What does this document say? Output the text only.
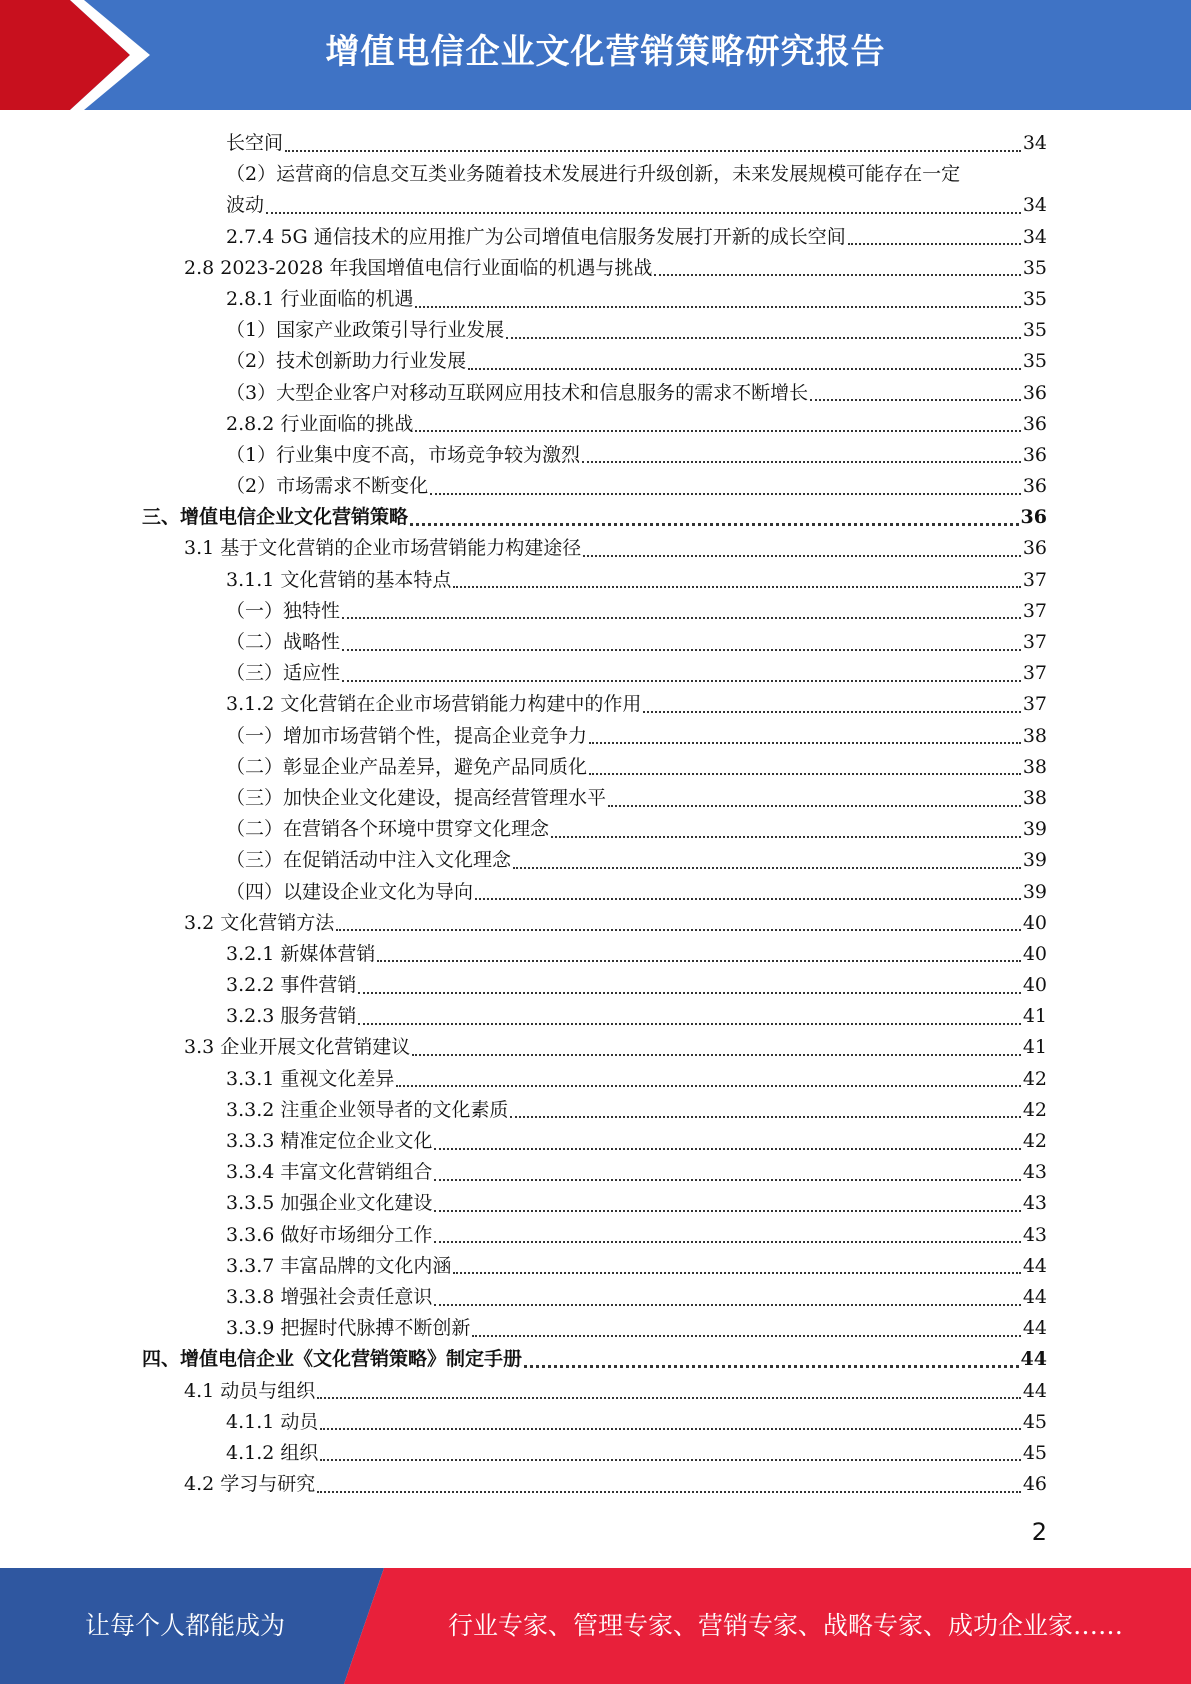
增值电信企业文化营销策略研究报告
长空间	34
（2）运营商的信息交互类业务随着技术发展进行升级创新，未来发展规模可能存在一定
波动	34
2.7.4 5G 通信技术的应用推广为公司增值电信服务发展打开新的成长空间	34
2.8 2023-2028 年我国增值电信行业面临的机遇与挑战	35
2.8.1 行业面临的机遇	35
（1）国家产业政策引导行业发展	35
（2）技术创新助力行业发展	35
（3）大型企业客户对移动互联网应用技术和信息服务的需求不断增长	36
2.8.2 行业面临的挑战	36
（1）行业集中度不高，市场竞争较为激烈	36
（2）市场需求不断变化	36
三、增值电信企业文化营销策略	36
3.1 基于文化营销的企业市场营销能力构建途径	36
3.1.1 文化营销的基本特点	37
（一）独特性	37
（二）战略性	37
（三）适应性	37
3.1.2 文化营销在企业市场营销能力构建中的作用	37
（一）增加市场营销个性，提高企业竞争力	38
（二）彰显企业产品差异，避免产品同质化	38
（三）加快企业文化建设，提高经营管理水平	38
（二）在营销各个环境中贯穿文化理念	39
（三）在促销活动中注入文化理念	39
（四）以建设企业文化为导向	39
3.2 文化营销方法	40
3.2.1 新媒体营销	40
3.2.2 事件营销	40
3.2.3 服务营销	41
3.3 企业开展文化营销建议	41
3.3.1 重视文化差异	42
3.3.2 注重企业领导者的文化素质	42
3.3.3 精准定位企业文化	42
3.3.4 丰富文化营销组合	43
3.3.5 加强企业文化建设	43
3.3.6 做好市场细分工作	43
3.3.7 丰富品牌的文化内涵	44
3.3.8 增强社会责任意识	44
3.3.9 把握时代脉搏不断创新	44
四、增值电信企业《文化营销策略》制定手册	44
4.1 动员与组织	44
4.1.1 动员	45
4.1.2 组织	45
4.2 学习与研究	46
2
让每个人都能成为	行业专家、管理专家、营销专家、战略专家、成功企业家……
